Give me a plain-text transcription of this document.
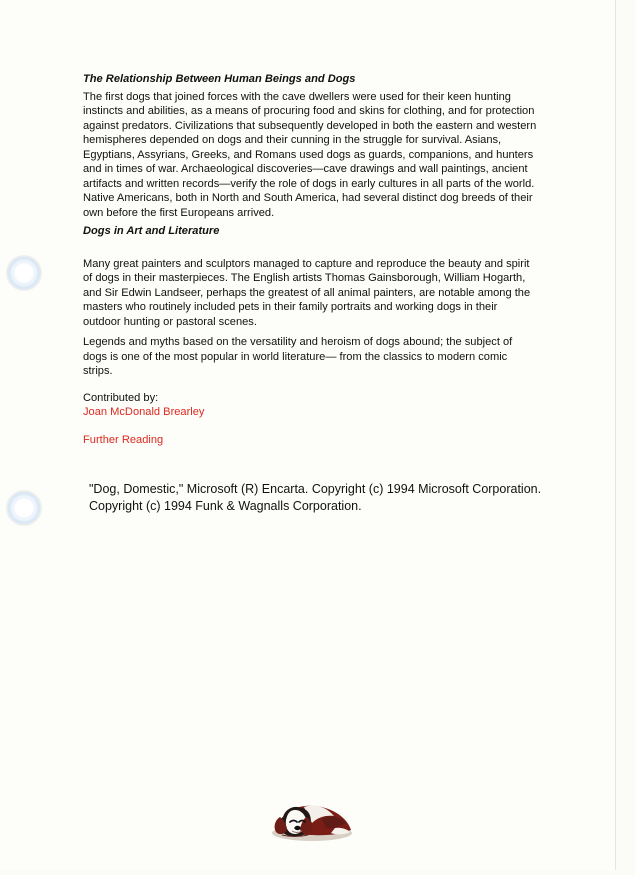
The Relationship Between Human Beings and Dogs

The first dogs that joined forces with the cave dwellers were used for their keen hunting instincts and abilities, as a means of procuring food and skins for clothing, and for protection against predators. Civilizations that subsequently developed in both the eastern and western hemispheres depended on dogs and their cunning in the struggle for survival. Asians, Egyptians, Assyrians, Greeks, and Romans used dogs as guards, companions, and hunters and in times of war. Archaeological discoveries—cave drawings and wall paintings, ancient artifacts and written records—verify the role of dogs in early cultures in all parts of the world. Native Americans, both in North and South America, had several distinct dog breeds of their own before the first Europeans arrived.

Dogs in Art and Literature

Many great painters and sculptors managed to capture and reproduce the beauty and spirit of dogs in their masterpieces. The English artists Thomas Gainsborough, William Hogarth, and Sir Edwin Landseer, perhaps the greatest of all animal painters, are notable among the masters who routinely included pets in their family portraits and working dogs in their outdoor hunting or pastoral scenes.

Legends and myths based on the versatility and heroism of dogs abound; the subject of dogs is one of the most popular in world literature— from the classics to modern comic strips.

Contributed by:

Joan McDonald Brearley
Further Reading
"Dog, Domestic," Microsoft (R) Encarta. Copyright (c) 1994 Microsoft Corporation.
Copyright (c) 1994 Funk & Wagnalls Corporation.
